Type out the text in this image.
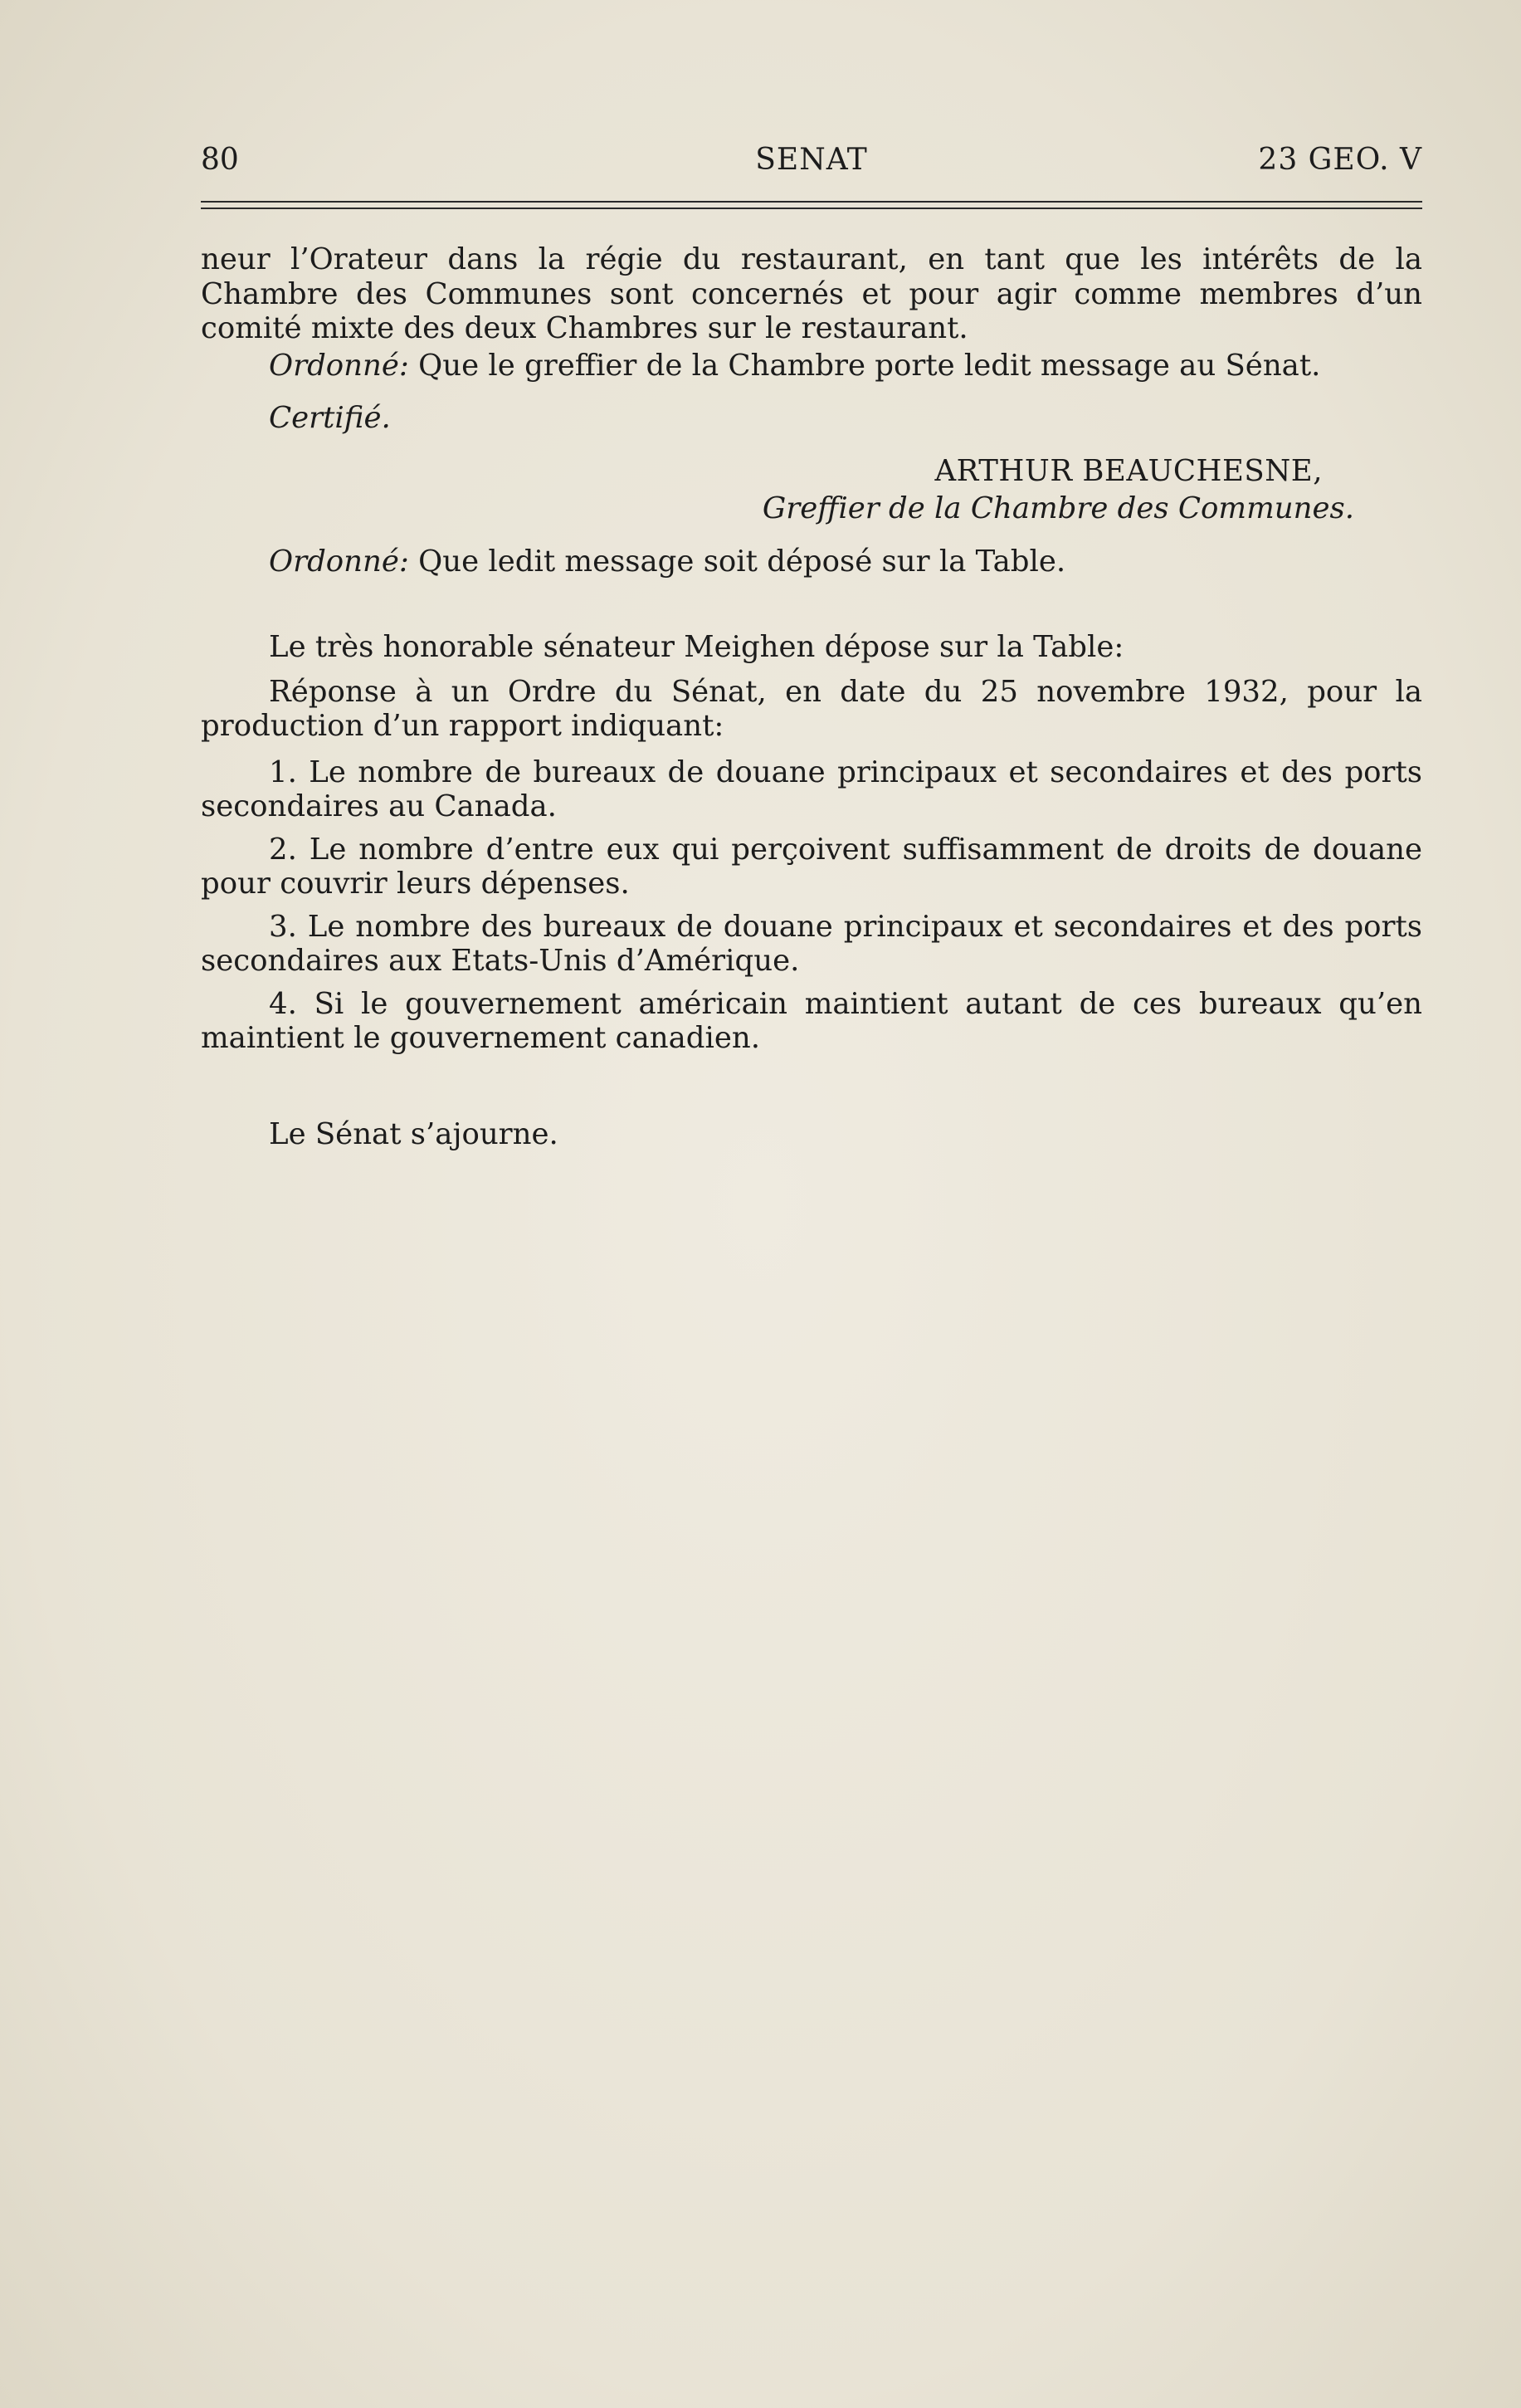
80	SENAT	23 GEO. V

neur l’Orateur dans la régie du restaurant, en tant que les intérêts de la Chambre des Communes sont concernés et pour agir comme membres d’un comité mixte des deux Chambres sur le restaurant.

Ordonné: Que le greffier de la Chambre porte ledit message au Sénat.

Certifié.

ARTHUR BEAUCHESNE,

Greffier de la Chambre des Communes.

Ordonné: Que ledit message soit déposé sur la Table.

Le très honorable sénateur Meighen dépose sur la Table:

Réponse à un Ordre du Sénat, en date du 25 novembre 1932, pour la production d’un rapport indiquant:

1. Le nombre de bureaux de douane principaux et secondaires et des ports secondaires au Canada.

2. Le nombre d’entre eux qui perçoivent suffisamment de droits de douane pour couvrir leurs dépenses.

3. Le nombre des bureaux de douane principaux et secondaires et des ports secondaires aux Etats-Unis d’Amérique.

4. Si le gouvernement américain maintient autant de ces bureaux qu’en maintient le gouvernement canadien.

Le Sénat s’ajourne.
